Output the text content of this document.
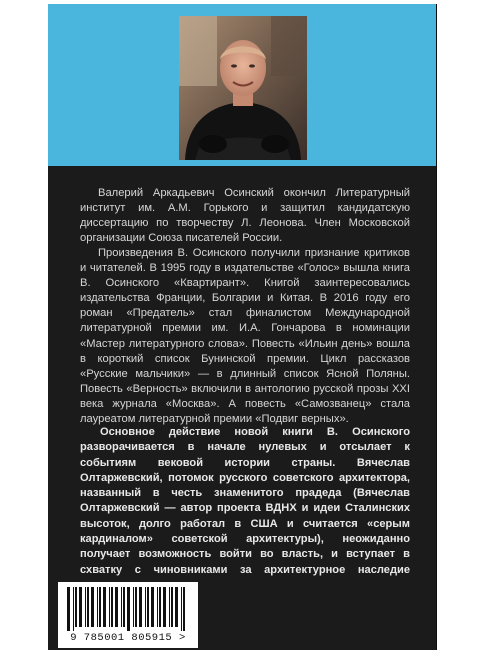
Валерий Аркадьевич Осинский окончил Литературный институт им. А.М. Горького и защитил кандидатскую диссертацию по творчеству Л. Леонова. Член Московской организации Союза писателей России.

Произведения В. Осинского получили признание критиков и читателей. В 1995 году в издательстве «Голос» вышла книга В. Осинского «Квартирант». Книгой заинтересовались издательства Франции, Болгарии и Китая. В 2016 году его роман «Предатель» стал финалистом Международной литературной премии им. И.А. Гончарова в номинации «Мастер литературного слова». Повесть «Ильин день» вошла в короткий список Бунинской премии. Цикл рассказов «Русские мальчики» — в длинный список Ясной Поляны. Повесть «Верность» включили в антологию русской прозы XXI века журнала «Москва». А повесть «Самозванец» стала лауреатом литературной премии «Подвиг верных».

Основное действие новой книги В. Осинского разворачивается в начале нулевых и отсылает к событиям вековой истории страны. Вячеслав Олтаржевский, потомок русского советского архитектора, названный в честь знаменитого прадеда (Вячеслав Олтаржевский — автор проекта ВДНХ и идеи Сталинских высоток, долго работал в США и считается «серым кардиналом» советской архитектуры), неожиданно получает возможность войти во власть, и вступает в схватку с чиновниками за архитектурное наследие

9 785001 805915 >
